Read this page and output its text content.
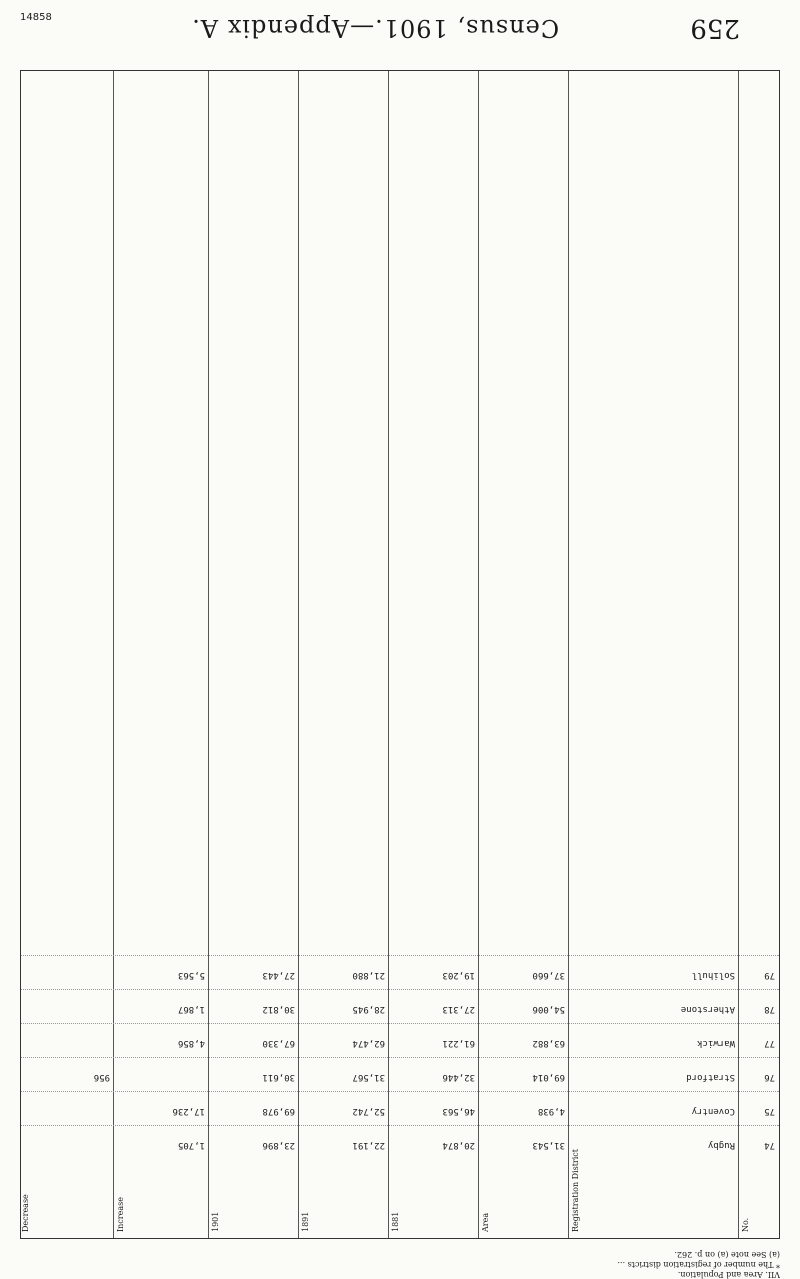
259
Census, 1901.—Appendix A.
VII. Area and Population.
* The number of registration districts ...
(a) See note (a) on p. 262.
No.
Registration District
Area
1881
1891
1901
Increase
Decrease
74
Rugby
31,543
20,874
22,191
23,896
1,705
75
Coventry
4,938
46,563
52,742
69,978
17,236
76
Stratford
69,014
32,446
31,567
30,611
956
77
Warwick
63,882
61,221
62,474
67,330
4,856
78
Atherstone
54,006
27,313
28,945
30,812
1,867
79
Solihull
37,660
19,203
21,880
27,443
5,563
14858
